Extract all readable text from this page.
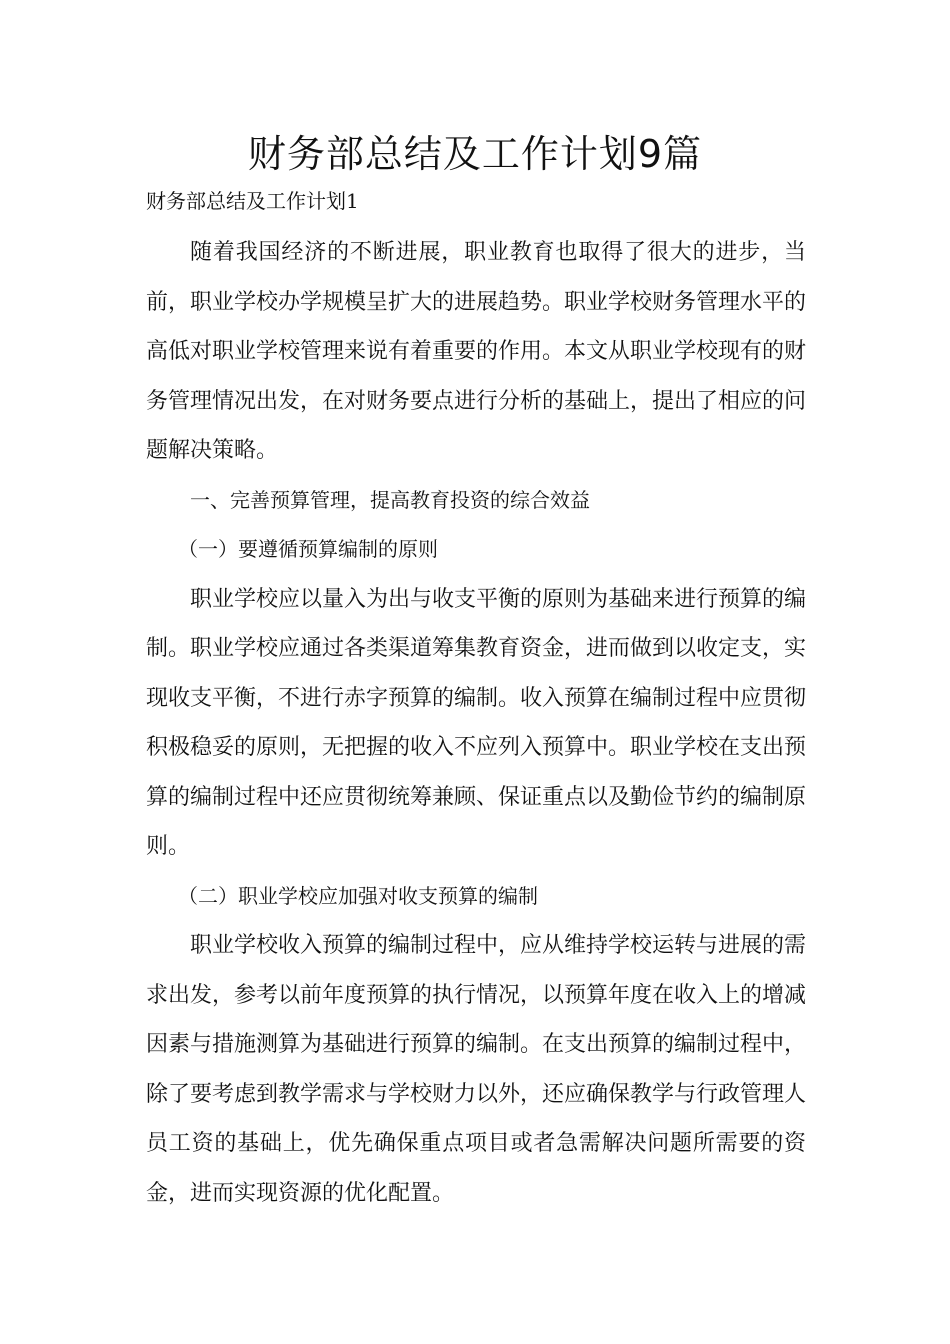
财务部总结及工作计划9篇

财务部总结及工作计划1

随着我国经济的不断进展，职业教育也取得了很大的进步，当前，职业学校办学规模呈扩大的进展趋势。职业学校财务管理水平的高低对职业学校管理来说有着重要的作用。本文从职业学校现有的财务管理情况出发，在对财务要点进行分析的基础上，提出了相应的问题解决策略。

一、完善预算管理，提高教育投资的综合效益

（一）要遵循预算编制的原则

职业学校应以量入为出与收支平衡的原则为基础来进行预算的编制。职业学校应通过各类渠道筹集教育资金，进而做到以收定支，实现收支平衡，不进行赤字预算的编制。收入预算在编制过程中应贯彻积极稳妥的原则，无把握的收入不应列入预算中。职业学校在支出预算的编制过程中还应贯彻统筹兼顾、保证重点以及勤俭节约的编制原则。

（二）职业学校应加强对收支预算的编制

职业学校收入预算的编制过程中，应从维持学校运转与进展的需求出发，参考以前年度预算的执行情况，以预算年度在收入上的增减因素与措施测算为基础进行预算的编制。在支出预算的编制过程中，除了要考虑到教学需求与学校财力以外，还应确保教学与行政管理人员工资的基础上，优先确保重点项目或者急需解决问题所需要的资金，进而实现资源的优化配置。
